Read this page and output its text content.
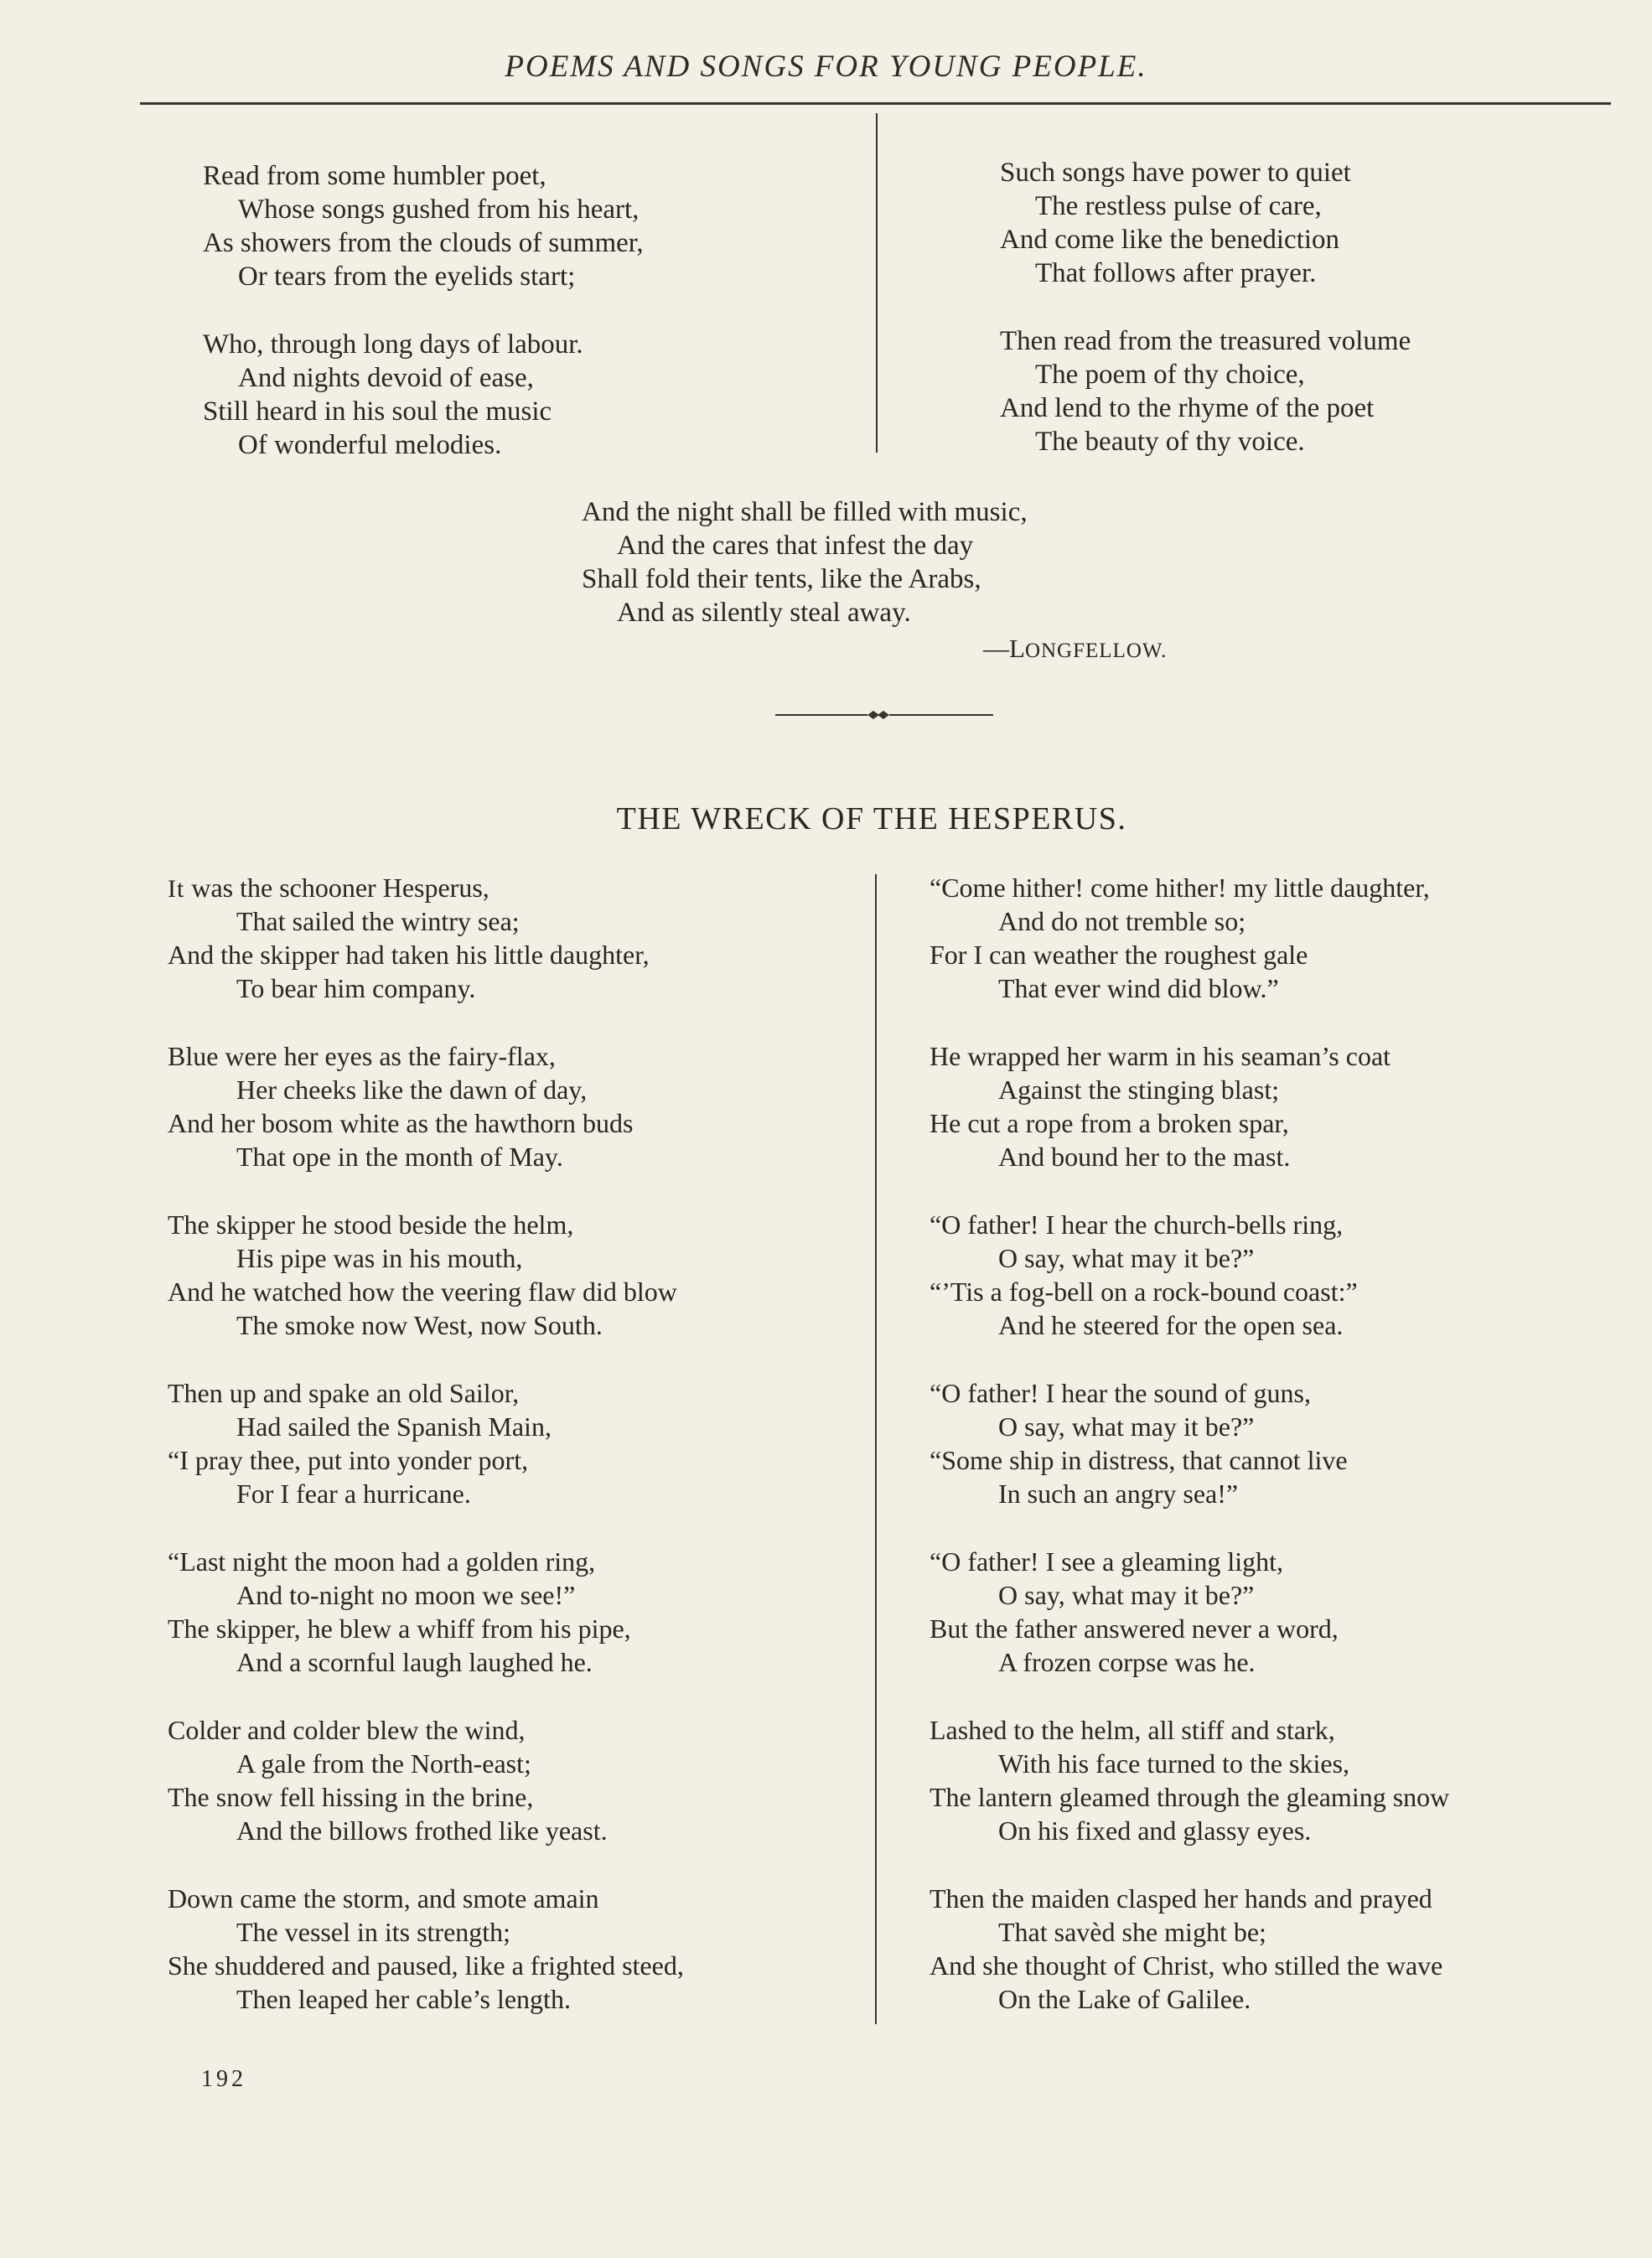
POEMS AND SONGS FOR YOUNG PEOPLE.
Read from some humbler poet,
Whose songs gushed from his heart,
As showers from the clouds of summer,
Or tears from the eyelids start;
Who, through long days of labour.
And nights devoid of ease,
Still heard in his soul the music
Of wonderful melodies.
Such songs have power to quiet
The restless pulse of care,
And come like the benediction
That follows after prayer.
Then read from the treasured volume
The poem of thy choice,
And lend to the rhyme of the poet
The beauty of thy voice.
And the night shall be filled with music,
And the cares that infest the day
Shall fold their tents, like the Arabs,
And as silently steal away.
—LONGFELLOW.
THE WRECK OF THE HESPERUS.
It was the schooner Hesperus,
That sailed the wintry sea;
And the skipper had taken his little daughter,
To bear him company.
Blue were her eyes as the fairy-flax,
Her cheeks like the dawn of day,
And her bosom white as the hawthorn buds
That ope in the month of May.
The skipper he stood beside the helm,
His pipe was in his mouth,
And he watched how the veering flaw did blow
The smoke now West, now South.
Then up and spake an old Sailor,
Had sailed the Spanish Main,
“I pray thee, put into yonder port,
For I fear a hurricane.
“Last night the moon had a golden ring,
And to-night no moon we see!”
The skipper, he blew a whiff from his pipe,
And a scornful laugh laughed he.
Colder and colder blew the wind,
A gale from the North-east;
The snow fell hissing in the brine,
And the billows frothed like yeast.
Down came the storm, and smote amain
The vessel in its strength;
She shuddered and paused, like a frighted steed,
Then leaped her cable’s length.
“Come hither! come hither! my little daughter,
And do not tremble so;
For I can weather the roughest gale
That ever wind did blow.”
He wrapped her warm in his seaman’s coat
Against the stinging blast;
He cut a rope from a broken spar,
And bound her to the mast.
“O father! I hear the church-bells ring,
O say, what may it be?”
“’Tis a fog-bell on a rock-bound coast:”
And he steered for the open sea.
“O father! I hear the sound of guns,
O say, what may it be?”
“Some ship in distress, that cannot live
In such an angry sea!”
“O father! I see a gleaming light,
O say, what may it be?”
But the father answered never a word,
A frozen corpse was he.
Lashed to the helm, all stiff and stark,
With his face turned to the skies,
The lantern gleamed through the gleaming snow
On his fixed and glassy eyes.
Then the maiden clasped her hands and prayed
That savèd she might be;
And she thought of Christ, who stilled the wave
On the Lake of Galilee.
192
